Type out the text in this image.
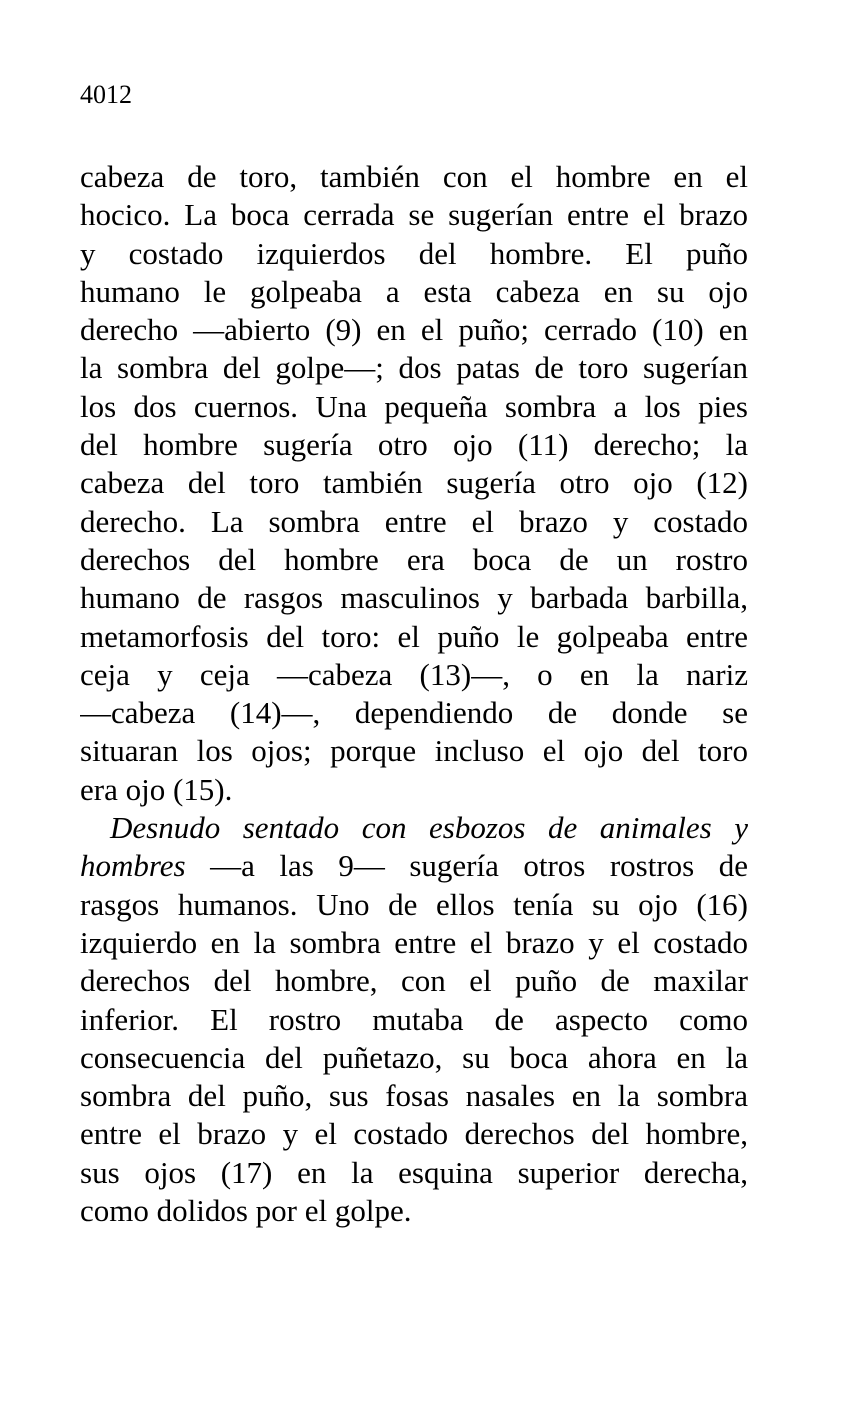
4012

cabeza de toro, también con el hombre en el
hocico. La boca cerrada se sugerían entre el brazo
y costado izquierdos del hombre. El puño
humano le golpeaba a esta cabeza en su ojo
derecho —abierto (9) en el puño; cerrado (10) en
la sombra del golpe—; dos patas de toro sugerían
los dos cuernos. Una pequeña sombra a los pies
del hombre sugería otro ojo (11) derecho; la
cabeza del toro también sugería otro ojo (12)
derecho. La sombra entre el brazo y costado
derechos del hombre era boca de un rostro
humano de rasgos masculinos y barbada barbilla,
metamorfosis del toro: el puño le golpeaba entre
ceja y ceja —cabeza (13)—, o en la nariz
—cabeza (14)—, dependiendo de donde se
situaran los ojos; porque incluso el ojo del toro
era ojo (15).
Desnudo sentado con esbozos de animales y
hombres —a las 9— sugería otros rostros de
rasgos humanos. Uno de ellos tenía su ojo (16)
izquierdo en la sombra entre el brazo y el costado
derechos del hombre, con el puño de maxilar
inferior. El rostro mutaba de aspecto como
consecuencia del puñetazo, su boca ahora en la
sombra del puño, sus fosas nasales en la sombra
entre el brazo y el costado derechos del hombre,
sus ojos (17) en la esquina superior derecha,
como dolidos por el golpe.
